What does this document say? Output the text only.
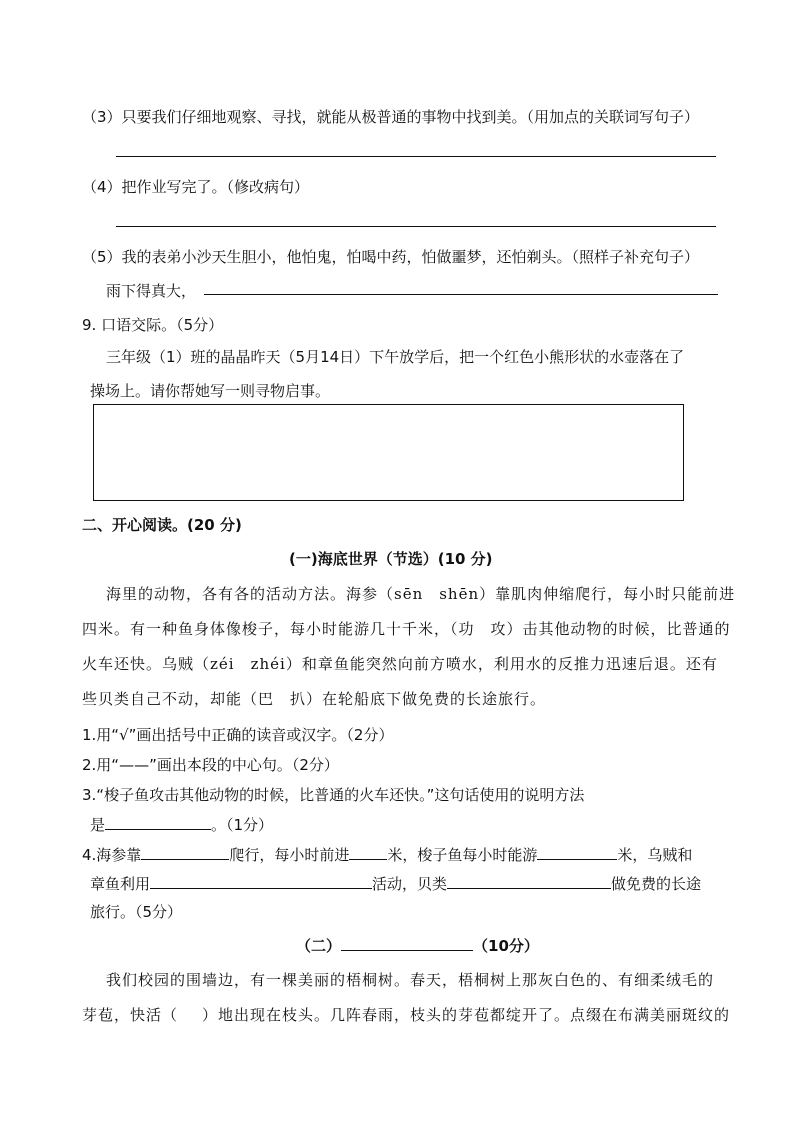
（3）只要我们仔细地观察、寻找，就能从极普通的事物中找到美。（用加点的关联词写句子）
（4）把作业写完了。（修改病句）
（5）我的表弟小沙天生胆小，他怕鬼，怕喝中药，怕做噩梦，还怕剃头。（照样子补充句子）
雨下得真大，
9. 口语交际。（5分）
三年级（1）班的晶晶昨天（5月14日）下午放学后，把一个红色小熊形状的水壶落在了
操场上。请你帮她写一则寻物启事。
二、开心阅读。(20 分)
(一)海底世界（节选）(10 分)
海里的动物，各有各的活动方法。海参（sēn　shēn）靠肌肉伸缩爬行，每小时只能前进
四米。有一种鱼身体像梭子，每小时能游几十千米，（功　攻）击其他动物的时候，比普通的
火车还快。乌贼（zéi　zhéi）和章鱼能突然向前方喷水，利用水的反推力迅速后退。还有
些贝类自己不动，却能（巴　扒）在轮船底下做免费的长途旅行。
1.用“√”画出括号中正确的读音或汉字。（2分）
2.用“——”画出本段的中心句。（2分）
3.“梭子鱼攻击其他动物的时候，比普通的火车还快。”这句话使用的说明方法
是	。（1分）
4.海参靠	爬行，每小时前进	米，梭子鱼每小时能游	米，乌贼和
章鱼利用	活动，贝类	做免费的长途
旅行。（5分）
（二）	（10分）
我们校园的围墙边，有一棵美丽的梧桐树。春天，梧桐树上那灰白色的、有细柔绒毛的
芽苞，快活（ ）地出现在枝头。几阵春雨，枝头的芽苞都绽开了。点缀在布满美丽斑纹的
